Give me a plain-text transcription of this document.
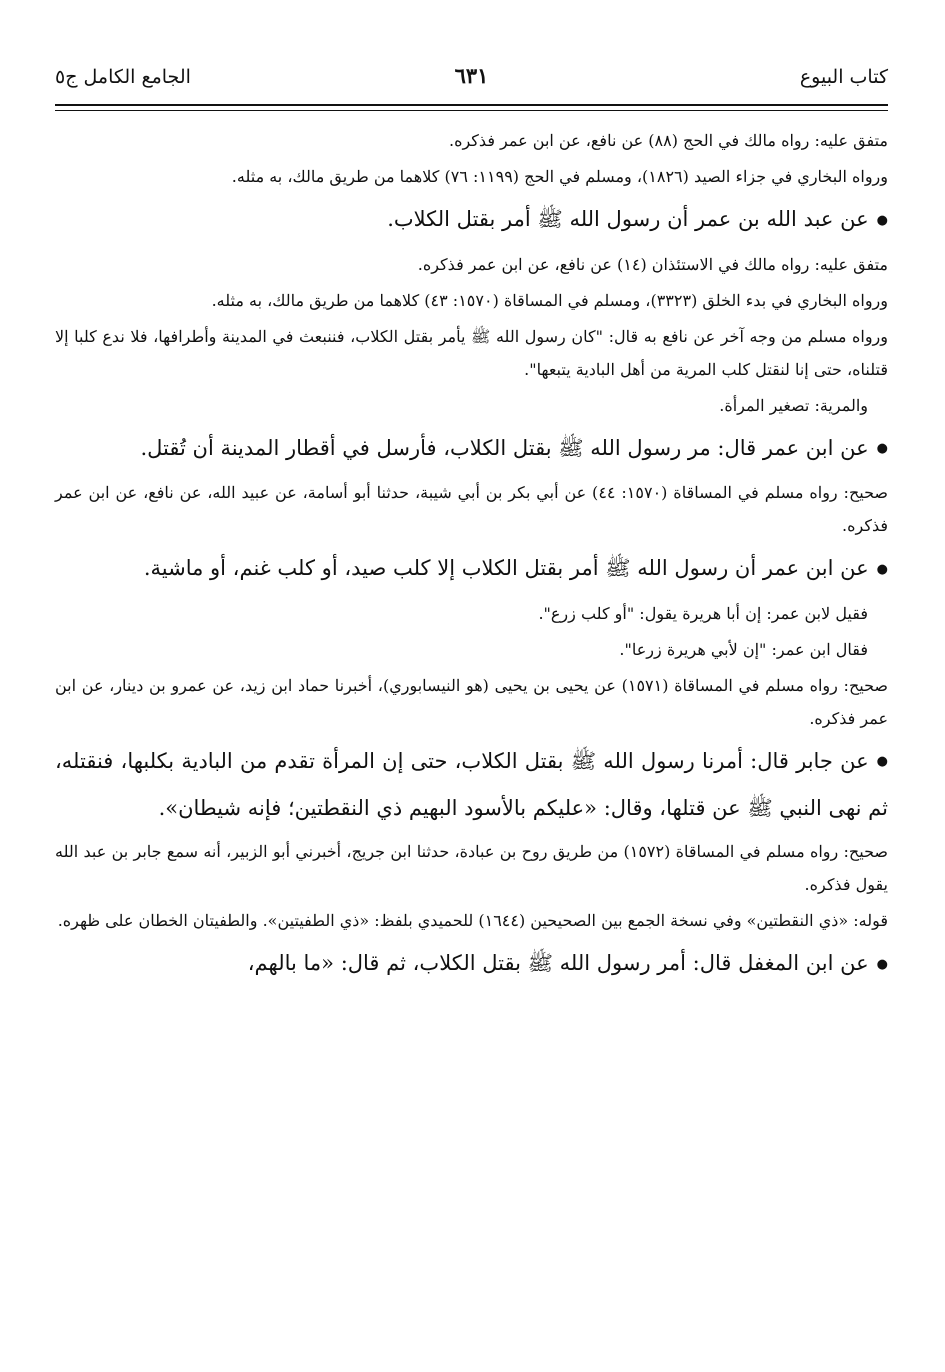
كتاب البيوع
٦٣١
الجامع الكامل ج٥

متفق عليه: رواه مالك في الحج (٨٨) عن نافع، عن ابن عمر فذكره.

ورواه البخاري في جزاء الصيد (١٨٢٦)، ومسلم في الحج (١١٩٩: ٧٦) كلاهما من طريق مالك، به مثله.

●عن عبد الله بن عمر أن رسول الله ﷺ أمر بقتل الكلاب.

متفق عليه: رواه مالك في الاستئذان (١٤) عن نافع، عن ابن عمر فذكره.

ورواه البخاري في بدء الخلق (٣٣٢٣)، ومسلم في المساقاة (١٥٧٠: ٤٣) كلاهما من طريق مالك، به مثله.

ورواه مسلم من وجه آخر عن نافع به قال: "كان رسول الله ﷺ يأمر بقتل الكلاب، فننبعث في المدينة وأطرافها، فلا ندع كلبا إلا قتلناه، حتى إنا لنقتل كلب المرية من أهل البادية يتبعها".

والمرية: تصغير المرأة.

●عن ابن عمر قال: مر رسول الله ﷺ بقتل الكلاب، فأرسل في أقطار المدينة أن تُقتل.

صحيح: رواه مسلم في المساقاة (١٥٧٠: ٤٤) عن أبي بكر بن أبي شيبة، حدثنا أبو أسامة، عن عبيد الله، عن نافع، عن ابن عمر فذكره.

●عن ابن عمر أن رسول الله ﷺ أمر بقتل الكلاب إلا كلب صيد، أو كلب غنم، أو ماشية.

فقيل لابن عمر: إن أبا هريرة يقول: "أو كلب زرع".

فقال ابن عمر: "إن لأبي هريرة زرعا".

صحيح: رواه مسلم في المساقاة (١٥٧١) عن يحيى بن يحيى (هو النيسابوري)، أخبرنا حماد ابن زيد، عن عمرو بن دينار، عن ابن عمر فذكره.

●عن جابر قال: أمرنا رسول الله ﷺ بقتل الكلاب، حتى إن المرأة تقدم من البادية بكلبها، فنقتله، ثم نهى النبي ﷺ عن قتلها، وقال: «عليكم بالأسود البهيم ذي النقطتين؛ فإنه شيطان».

صحيح: رواه مسلم في المساقاة (١٥٧٢) من طريق روح بن عبادة، حدثنا ابن جريج، أخبرني أبو الزبير، أنه سمع جابر بن عبد الله يقول فذكره.

قوله: «ذي النقطتين» وفي نسخة الجمع بين الصحيحين (١٦٤٤) للحميدي بلفظ: «ذي الطفيتين». والطفيتان الخطان على ظهره.

●عن ابن المغفل قال: أمر رسول الله ﷺ بقتل الكلاب، ثم قال: «ما بالهم،
